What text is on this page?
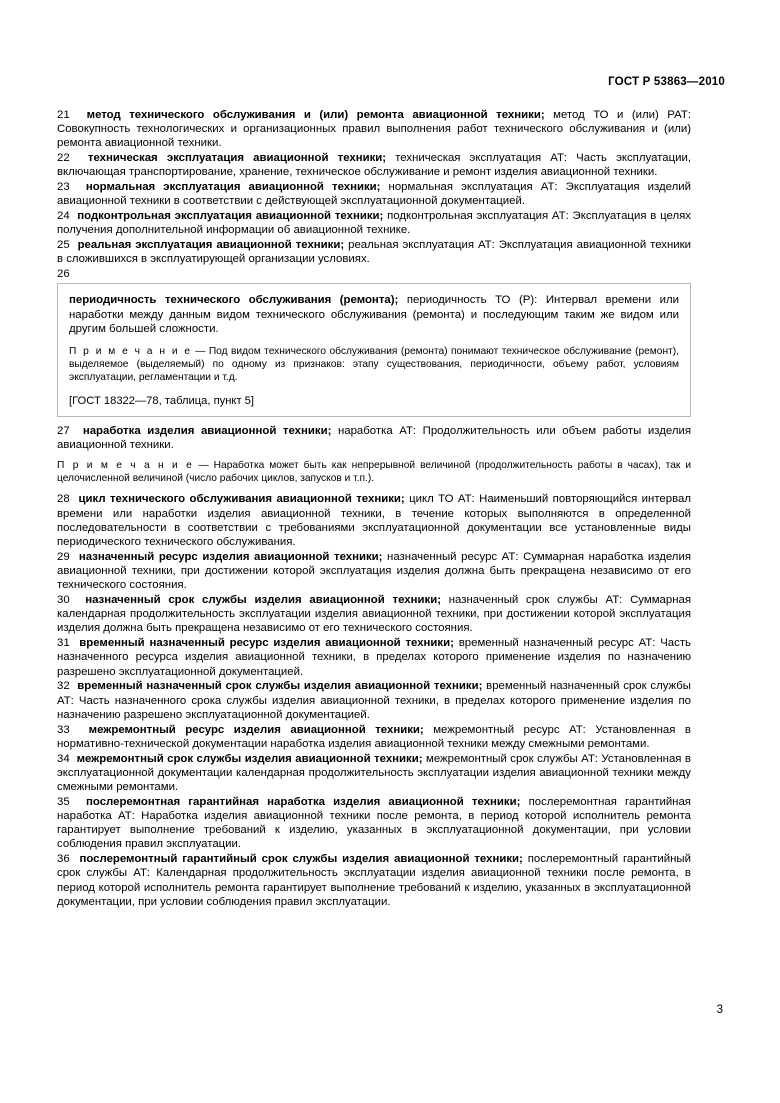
ГОСТ Р 53863—2010

21 метод технического обслуживания и (или) ремонта авиационной техники; метод ТО и (или) РАТ: Совокупность технологических и организационных правил выполнения работ технического обслуживания и (или) ремонта авиационной техники.

22 техническая эксплуатация авиационной техники; техническая эксплуатация АТ: Часть эксплуатации, включающая транспортирование, хранение, техническое обслуживание и ремонт изделия авиационной техники.

23 нормальная эксплуатация авиационной техники; нормальная эксплуатация АТ: Эксплуатация изделий авиационной техники в соответствии с действующей эксплуатационной документацией.

24 подконтрольная эксплуатация авиационной техники; подконтрольная эксплуатация АТ: Эксплуатация в целях получения дополнительной информации об авиационной технике.

25 реальная эксплуатация авиационной техники; реальная эксплуатация АТ: Эксплуатация авиационной техники в сложившихся в эксплуатирующей организации условиях.

26

периодичность технического обслуживания (ремонта); периодичность ТО (Р): Интервал времени или наработки между данным видом технического обслуживания (ремонта) и последующим таким же видом или другим большей сложности.

П р и м е ч а н и е — Под видом технического обслуживания (ремонта) понимают техническое обслуживание (ремонт), выделяемое (выделяемый) по одному из признаков: этапу существования, периодичности, объему работ, условиям эксплуатации, регламентации и т.д.

[ГОСТ 18322—78, таблица, пункт 5]

27 наработка изделия авиационной техники; наработка АТ: Продолжительность или объем работы изделия авиационной техники.

П р и м е ч а н и е — Наработка может быть как непрерывной величиной (продолжительность работы в часах), так и целочисленной величиной (число рабочих циклов, запусков и т.п.).

28 цикл технического обслуживания авиационной техники; цикл ТО АТ: Наименьший повторяющийся интервал времени или наработки изделия авиационной техники, в течение которых выполняются в определенной последовательности в соответствии с требованиями эксплуатационной документации все установленные виды периодического технического обслуживания.

29 назначенный ресурс изделия авиационной техники; назначенный ресурс АТ: Суммарная наработка изделия авиационной техники, при достижении которой эксплуатация изделия должна быть прекращена независимо от его технического состояния.

30 назначенный срок службы изделия авиационной техники; назначенный срок службы АТ: Суммарная календарная продолжительность эксплуатации изделия авиационной техники, при достижении которой эксплуатация изделия должна быть прекращена независимо от его технического состояния.

31 временный назначенный ресурс изделия авиационной техники; временный назначенный ресурс АТ: Часть назначенного ресурса изделия авиационной техники, в пределах которого применение изделия по назначению разрешено эксплуатационной документацией.

32 временный назначенный срок службы изделия авиационной техники; временный назначенный срок службы АТ: Часть назначенного срока службы изделия авиационной техники, в пределах которого применение изделия по назначению разрешено эксплуатационной документацией.

33 межремонтный ресурс изделия авиационной техники; межремонтный ресурс АТ: Установленная в нормативно-технической документации наработка изделия авиационной техники между смежными ремонтами.

34 межремонтный срок службы изделия авиационной техники; межремонтный срок службы АТ: Установленная в эксплуатационной документации календарная продолжительность эксплуатации изделия авиационной техники между смежными ремонтами.

35 послеремонтная гарантийная наработка изделия авиационной техники; послеремонтная гарантийная наработка АТ: Наработка изделия авиационной техники после ремонта, в период которой исполнитель ремонта гарантирует выполнение требований к изделию, указанных в эксплуатационной документации, при условии соблюдения правил эксплуатации.

36 послеремонтный гарантийный срок службы изделия авиационной техники; послеремонтный гарантийный срок службы АТ: Календарная продолжительность эксплуатации изделия авиационной техники после ремонта, в период которой исполнитель ремонта гарантирует выполнение требований к изделию, указанных в эксплуатационной документации, при условии соблюдения правил эксплуатации.

3
